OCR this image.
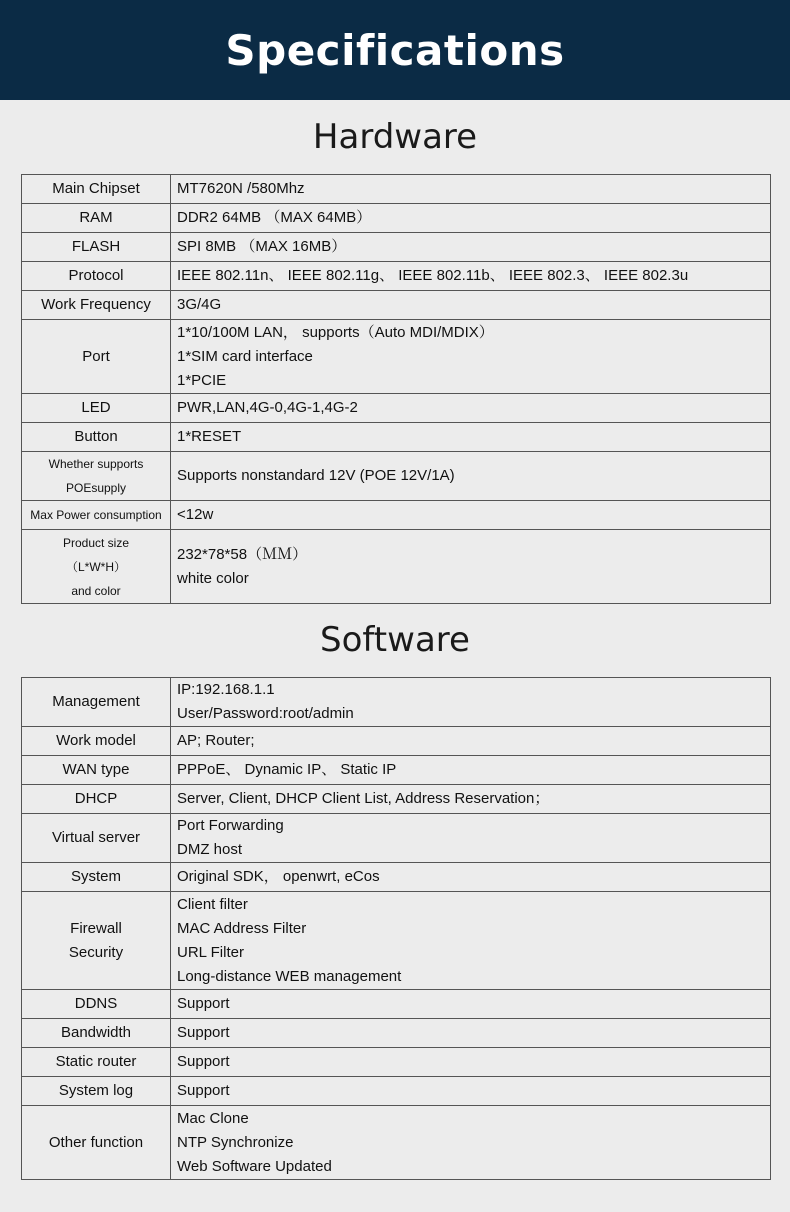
Specifications
Hardware
Main Chipset	MT7620N /580Mhz

RAM	DDR2 64MB （MAX 64MB）

FLASH	SPI 8MB （MAX 16MB）

Protocol	IEEE 802.11n、 IEEE 802.11g、 IEEE 802.11b、 IEEE 802.3、 IEEE 802.3u

Work Frequency	3G/4G

Port	1*10/100M LAN， supports（Auto MDI/MDIX）
1*SIM card interface
1*PCIE

LED	PWR,LAN,4G-0,4G-1,4G-2

Button	1*RESET

Whether supports
POEsupply	Supports nonstandard 12V (POE 12V/1A)

Max Power consumption	<12w

Product size
（L*W*H）
and color	232*78*58（ＭＭ）
white color
Software
Management	IP:192.168.1.1
User/Password:root/admin

Work model	AP; Router;

WAN type	PPPoE、 Dynamic IP、 Static IP

DHCP	Server, Client, DHCP Client List, Address Reservation；

Virtual server	Port Forwarding
DMZ host

System	Original SDK， openwrt, eCos

Firewall
Security	Client filter
MAC Address Filter
URL Filter
Long-distance WEB management

DDNS	Support

Bandwidth	Support

Static router	Support

System log	Support

Other function	Mac Clone
NTP Synchronize
Web Software Updated
